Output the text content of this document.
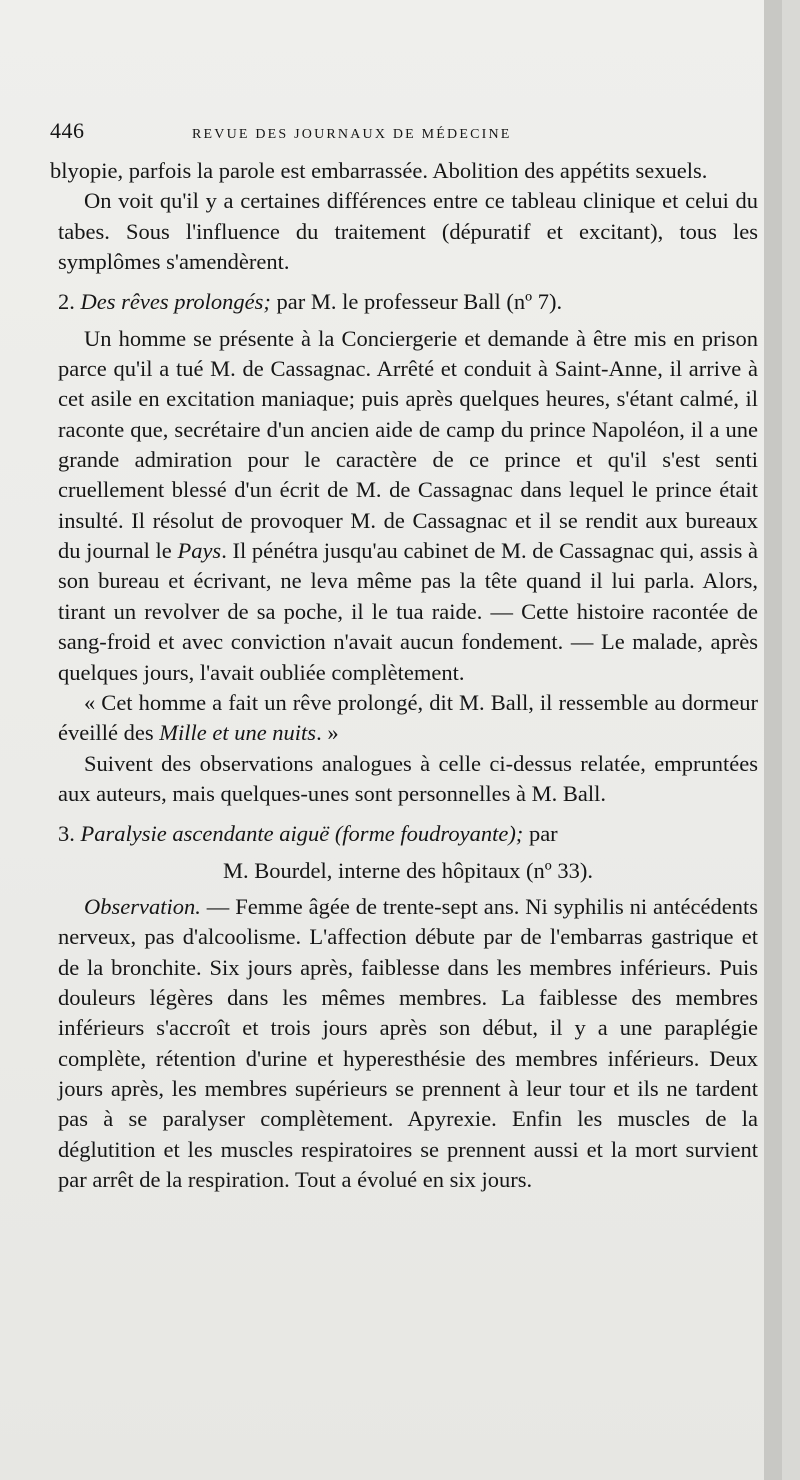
446	REVUE DES JOURNAUX DE MÉDECINE

blyopie, parfois la parole est embarrassée. Abolition des appétits sexuels.

On voit qu'il y a certaines différences entre ce tableau clinique et celui du tabes. Sous l'influence du traitement (dépuratif et excitant), tous les symplômes s'amendèrent.

2. Des rêves prolongés; par M. le professeur Ball (nº 7).

Un homme se présente à la Conciergerie et demande à être mis en prison parce qu'il a tué M. de Cassagnac. Arrêté et conduit à Saint-Anne, il arrive à cet asile en excitation maniaque; puis après quelques heures, s'étant calmé, il raconte que, secrétaire d'un ancien aide de camp du prince Napoléon, il a une grande admiration pour le caractère de ce prince et qu'il s'est senti cruellement blessé d'un écrit de M. de Cassagnac dans lequel le prince était insulté. Il résolut de provoquer M. de Cassagnac et il se rendit aux bureaux du journal le Pays. Il pénétra jusqu'au cabinet de M. de Cassagnac qui, assis à son bureau et écrivant, ne leva même pas la tête quand il lui parla. Alors, tirant un revolver de sa poche, il le tua raide. — Cette histoire racontée de sang-froid et avec conviction n'avait aucun fondement. — Le malade, après quelques jours, l'avait oubliée complètement.

« Cet homme a fait un rêve prolongé, dit M. Ball, il ressemble au dormeur éveillé des Mille et une nuits. »

Suivent des observations analogues à celle ci-dessus relatée, empruntées aux auteurs, mais quelques-unes sont personnelles à M. Ball.

3. Paralysie ascendante aiguë (forme foudroyante); par

M. Bourdel, interne des hôpitaux (nº 33).

Observation. — Femme âgée de trente-sept ans. Ni syphilis ni antécédents nerveux, pas d'alcoolisme. L'affection débute par de l'embarras gastrique et de la bronchite. Six jours après, faiblesse dans les membres inférieurs. Puis douleurs légères dans les mêmes membres. La faiblesse des membres inférieurs s'accroît et trois jours après son début, il y a une paraplégie complète, rétention d'urine et hyperesthésie des membres inférieurs. Deux jours après, les membres supérieurs se prennent à leur tour et ils ne tardent pas à se paralyser complètement. Apyrexie. Enfin les muscles de la déglutition et les muscles respiratoires se prennent aussi et la mort survient par arrêt de la respiration. Tout a évolué en six jours.
